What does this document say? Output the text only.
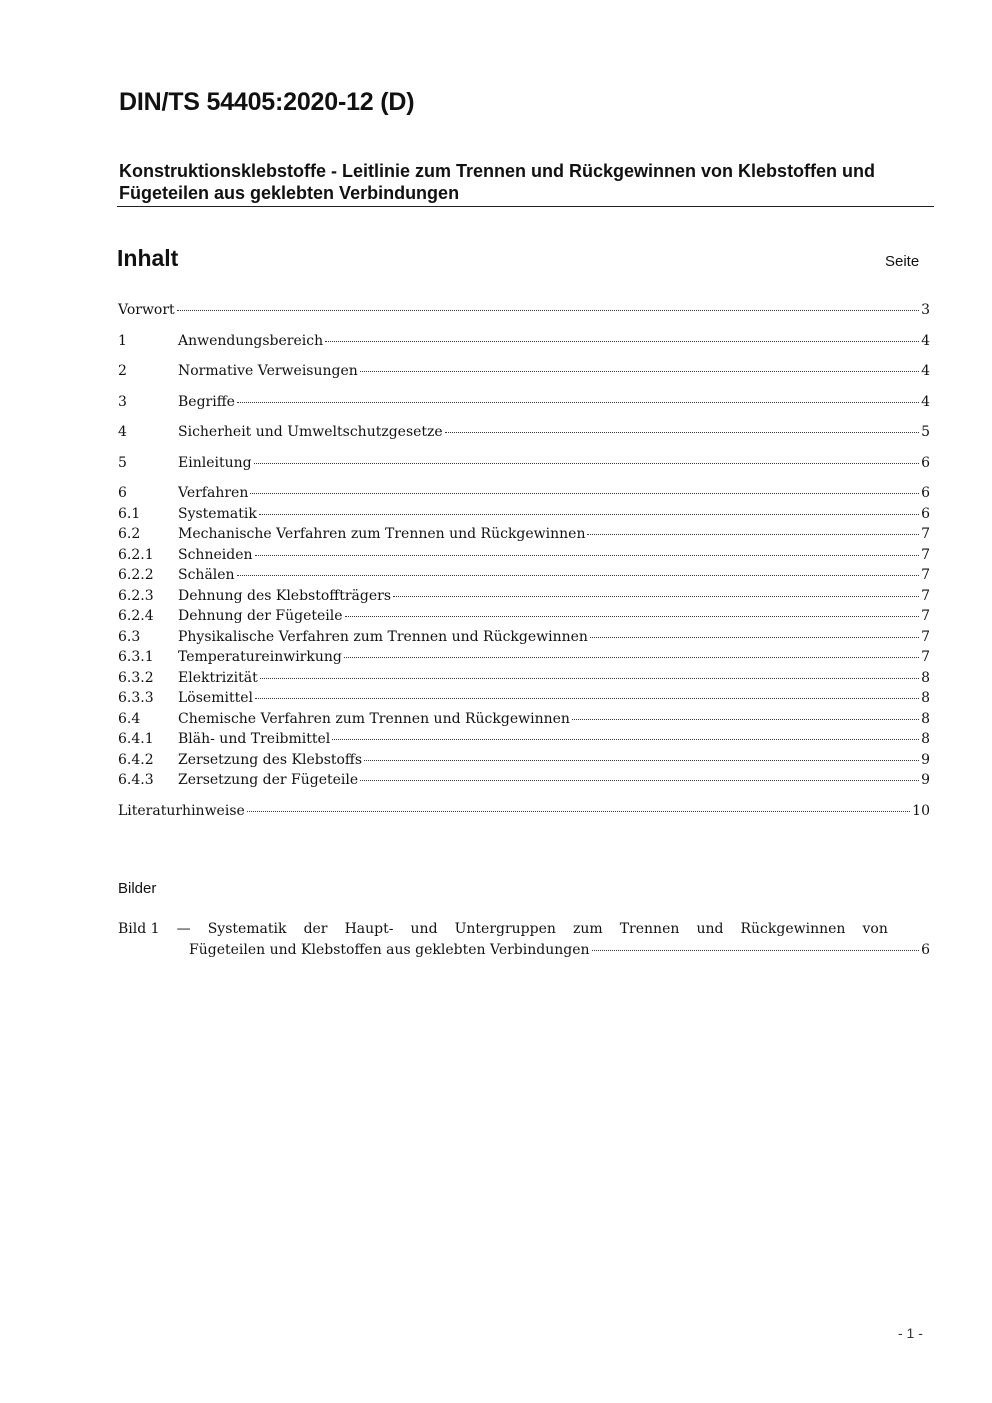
DIN/TS 54405:2020-12 (D)
Konstruktionsklebstoffe - Leitlinie zum Trennen und Rückgewinnen von Klebstoffen und Fügeteilen aus geklebten Verbindungen
Inhalt	Seite
Vorwort	3
1	Anwendungsbereich	4
2	Normative Verweisungen	4
3	Begriffe	4
4	Sicherheit und Umweltschutzgesetze	5
5	Einleitung	6
6	Verfahren	6
6.1	Systematik	6
6.2	Mechanische Verfahren zum Trennen und Rückgewinnen	7
6.2.1	Schneiden	7
6.2.2	Schälen	7
6.2.3	Dehnung des Klebstoffträgers	7
6.2.4	Dehnung der Fügeteile	7
6.3	Physikalische Verfahren zum Trennen und Rückgewinnen	7
6.3.1	Temperatureinwirkung	7
6.3.2	Elektrizität	8
6.3.3	Lösemittel	8
6.4	Chemische Verfahren zum Trennen und Rückgewinnen	8
6.4.1	Bläh- und Treibmittel	8
6.4.2	Zersetzung des Klebstoffs	9
6.4.3	Zersetzung der Fügeteile	9
Literaturhinweise	10
Bilder
Bild 1 — Systematik der Haupt- und Untergruppen zum Trennen und Rückgewinnen von
Fügeteilen und Klebstoffen aus geklebten Verbindungen	6
- 1 -
